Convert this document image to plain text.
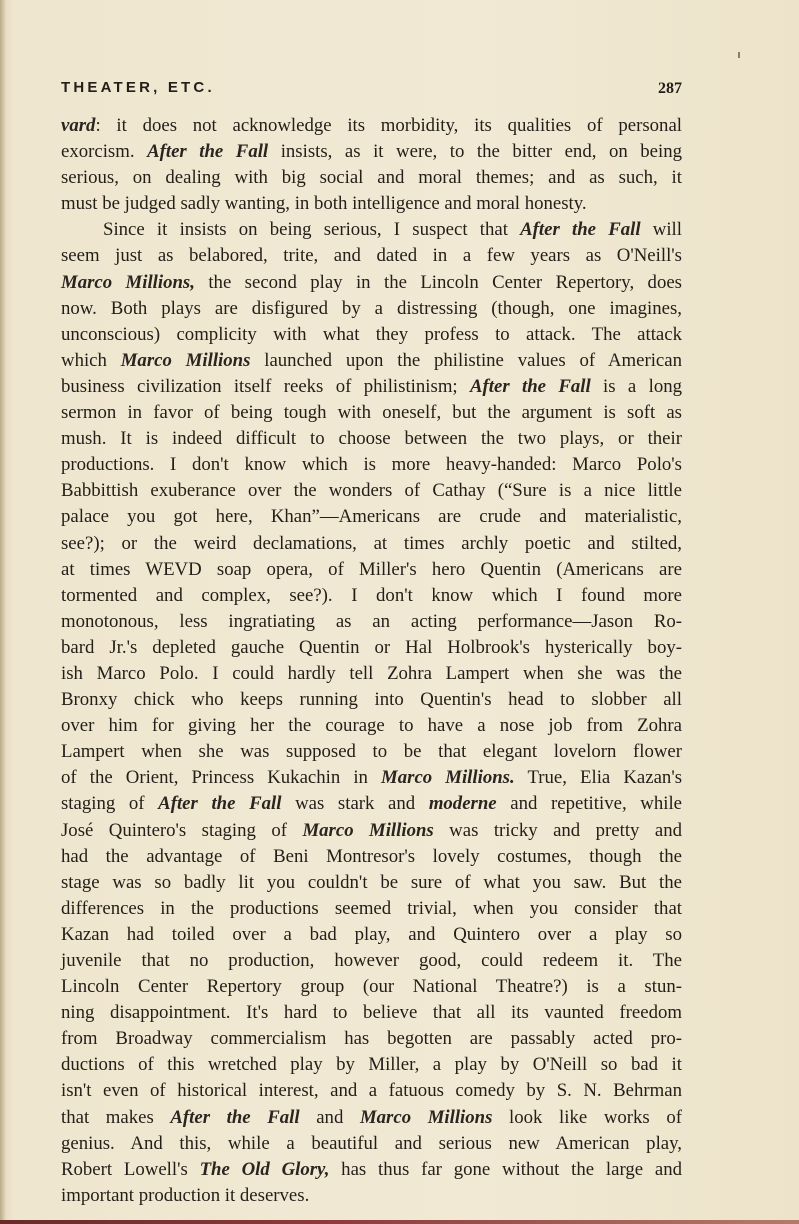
THEATER, ETC.	287
vard: it does not acknowledge its morbidity, its qualities of personal
exorcism. After the Fall insists, as it were, to the bitter end, on being
serious, on dealing with big social and moral themes; and as such, it
must be judged sadly wanting, in both intelligence and moral honesty.
Since it insists on being serious, I suspect that After the Fall will
seem just as belabored, trite, and dated in a few years as O'Neill's
Marco Millions, the second play in the Lincoln Center Repertory, does
now. Both plays are disfigured by a distressing (though, one imagines,
unconscious) complicity with what they profess to attack. The attack
which Marco Millions launched upon the philistine values of American
business civilization itself reeks of philistinism; After the Fall is a long
sermon in favor of being tough with oneself, but the argument is soft as
mush. It is indeed difficult to choose between the two plays, or their
productions. I don't know which is more heavy-handed: Marco Polo's
Babbittish exuberance over the wonders of Cathay (“Sure is a nice little
palace you got here, Khan”—Americans are crude and materialistic,
see?); or the weird declamations, at times archly poetic and stilted,
at times WEVD soap opera, of Miller's hero Quentin (Americans are
tormented and complex, see?). I don't know which I found more
monotonous, less ingratiating as an acting performance—Jason Ro-
bard Jr.'s depleted gauche Quentin or Hal Holbrook's hysterically boy-
ish Marco Polo. I could hardly tell Zohra Lampert when she was the
Bronxy chick who keeps running into Quentin's head to slobber all
over him for giving her the courage to have a nose job from Zohra
Lampert when she was supposed to be that elegant lovelorn flower
of the Orient, Princess Kukachin in Marco Millions. True, Elia Kazan's
staging of After the Fall was stark and moderne and repetitive, while
José Quintero's staging of Marco Millions was tricky and pretty and
had the advantage of Beni Montresor's lovely costumes, though the
stage was so badly lit you couldn't be sure of what you saw. But the
differences in the productions seemed trivial, when you consider that
Kazan had toiled over a bad play, and Quintero over a play so
juvenile that no production, however good, could redeem it. The
Lincoln Center Repertory group (our National Theatre?) is a stun-
ning disappointment. It's hard to believe that all its vaunted freedom
from Broadway commercialism has begotten are passably acted pro-
ductions of this wretched play by Miller, a play by O'Neill so bad it
isn't even of historical interest, and a fatuous comedy by S. N. Behrman
that makes After the Fall and Marco Millions look like works of
genius. And this, while a beautiful and serious new American play,
Robert Lowell's The Old Glory, has thus far gone without the large and
important production it deserves.
